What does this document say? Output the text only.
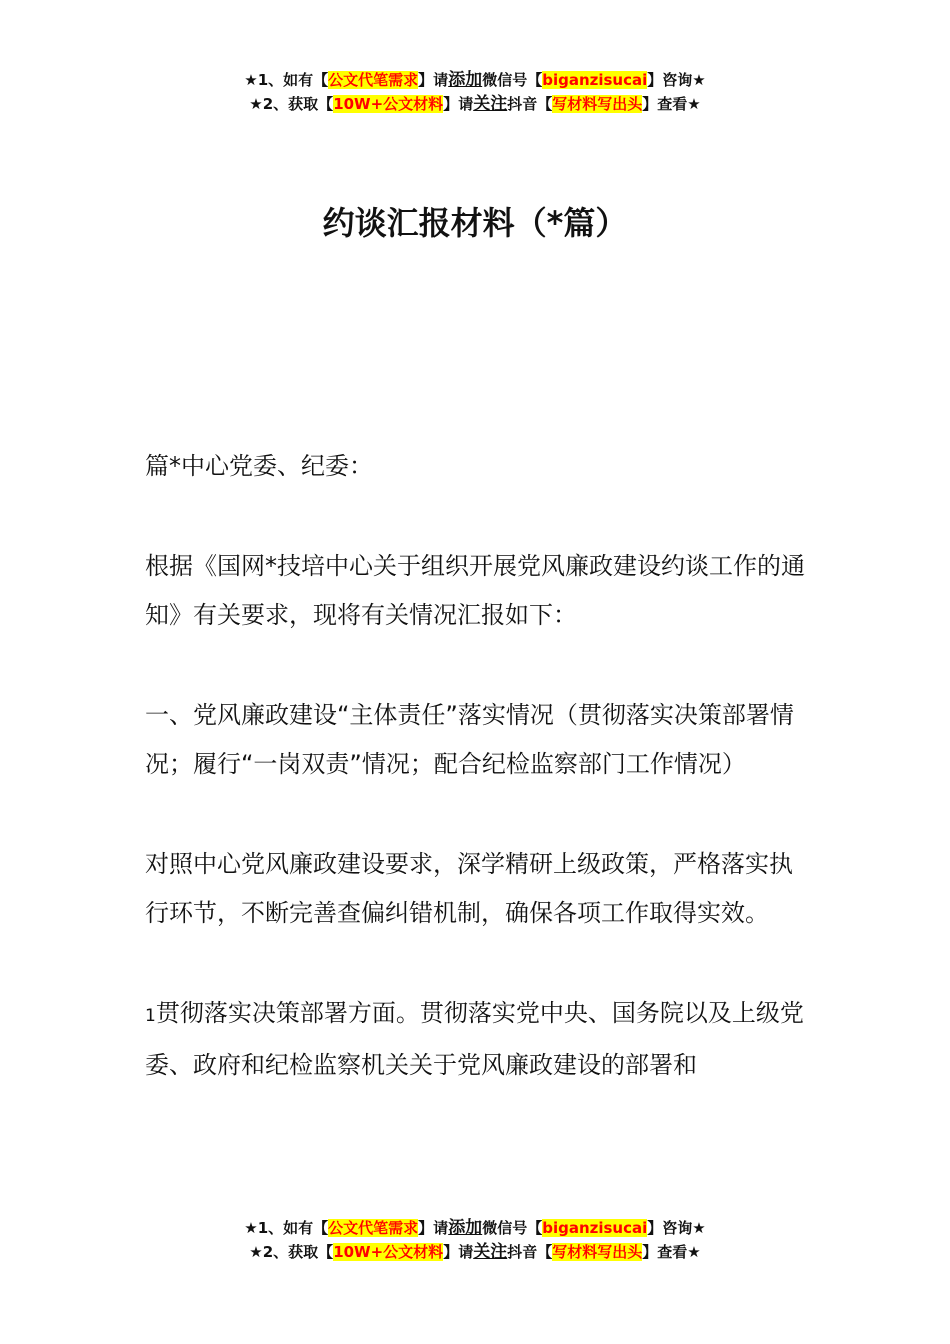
★1、如有【公文代笔需求】请添加微信号【biganzisucai】咨询★
★2、获取【10W+公文材料】请关注抖音【写材料写出头】查看★
约谈汇报材料（*篇）

篇*中心党委、纪委：

根据《国网*技培中心关于组织开展党风廉政建设约谈工作的通知》有关要求，现将有关情况汇报如下：

一、党风廉政建设“主体责任”落实情况（贯彻落实决策部署情况；履行“一岗双责”情况；配合纪检监察部门工作情况）

对照中心党风廉政建设要求，深学精研上级政策，严格落实执行环节，不断完善查偏纠错机制，确保各项工作取得实效。

1贯彻落实决策部署方面。贯彻落实党中央、国务院以及上级党委、政府和纪检监察机关关于党风廉政建设的部署和

★1、如有【公文代笔需求】请添加微信号【biganzisucai】咨询★
★2、获取【10W+公文材料】请关注抖音【写材料写出头】查看★
